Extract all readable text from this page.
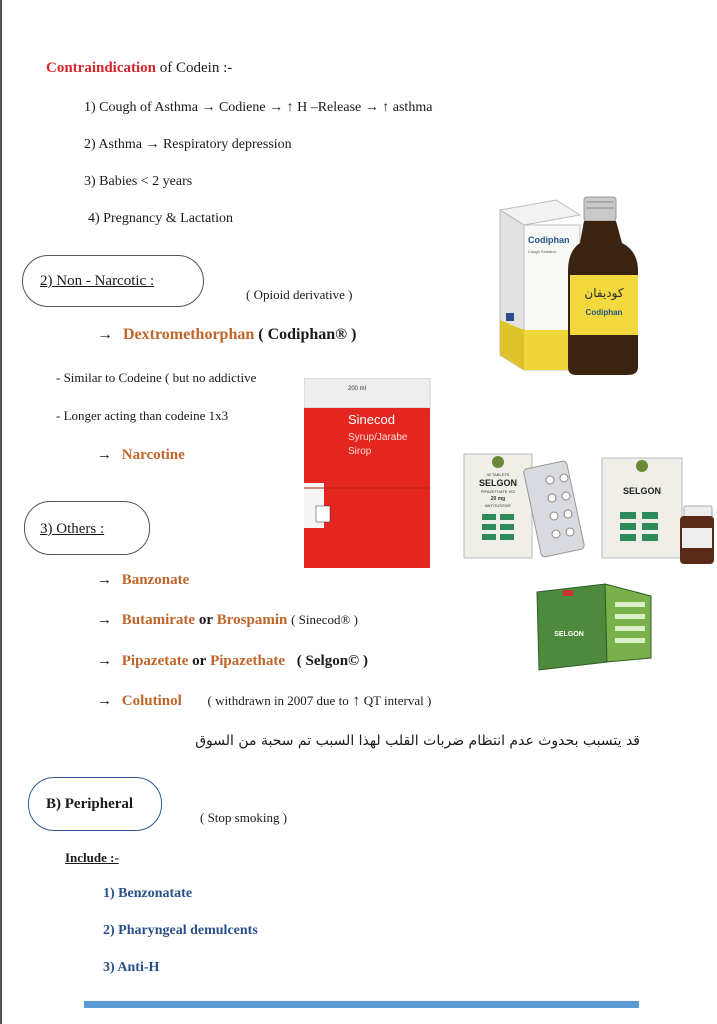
Contraindication of Codein :-
1) Cough of Asthma → Codiene → ↑ H –Release → ↑ asthma
2) Asthma → Respiratory depression
3) Babies < 2 years
4) Pregnancy & Lactation
2) Non - Narcotic :
( Opioid derivative )
→ Dextromethorphan ( Codiphan® )
- Similar to Codeine ( but no addictive
- Longer acting than codeine 1x3
→ Narcotine
3) Others :
→ Banzonate
→ Butamirate or Brospamin ( Sinecod® )
→ Pipazetate or Pipazethate ( Selgon© )
→ Colutinol ( withdrawn in 2007 due to ↑ QT interval )
قد يتسبب بحدوث عدم انتظام ضربات القلب لهذا السبب تم سحبة من السوق
B) Peripheral
( Stop smoking )
Include :-
1) Benzonatate
2) Pharyngeal demulcents
3) Anti-H
Codiphan
Cough Sedative
كوديفان
Codiphan
200 ml
Sinecod
Syrup/Jarabe
Sirop
30 TABLETS
SELGON
PIPAZETHATE HCl
20 mg
ANTITUSSIVE
SELGON
SELGON
